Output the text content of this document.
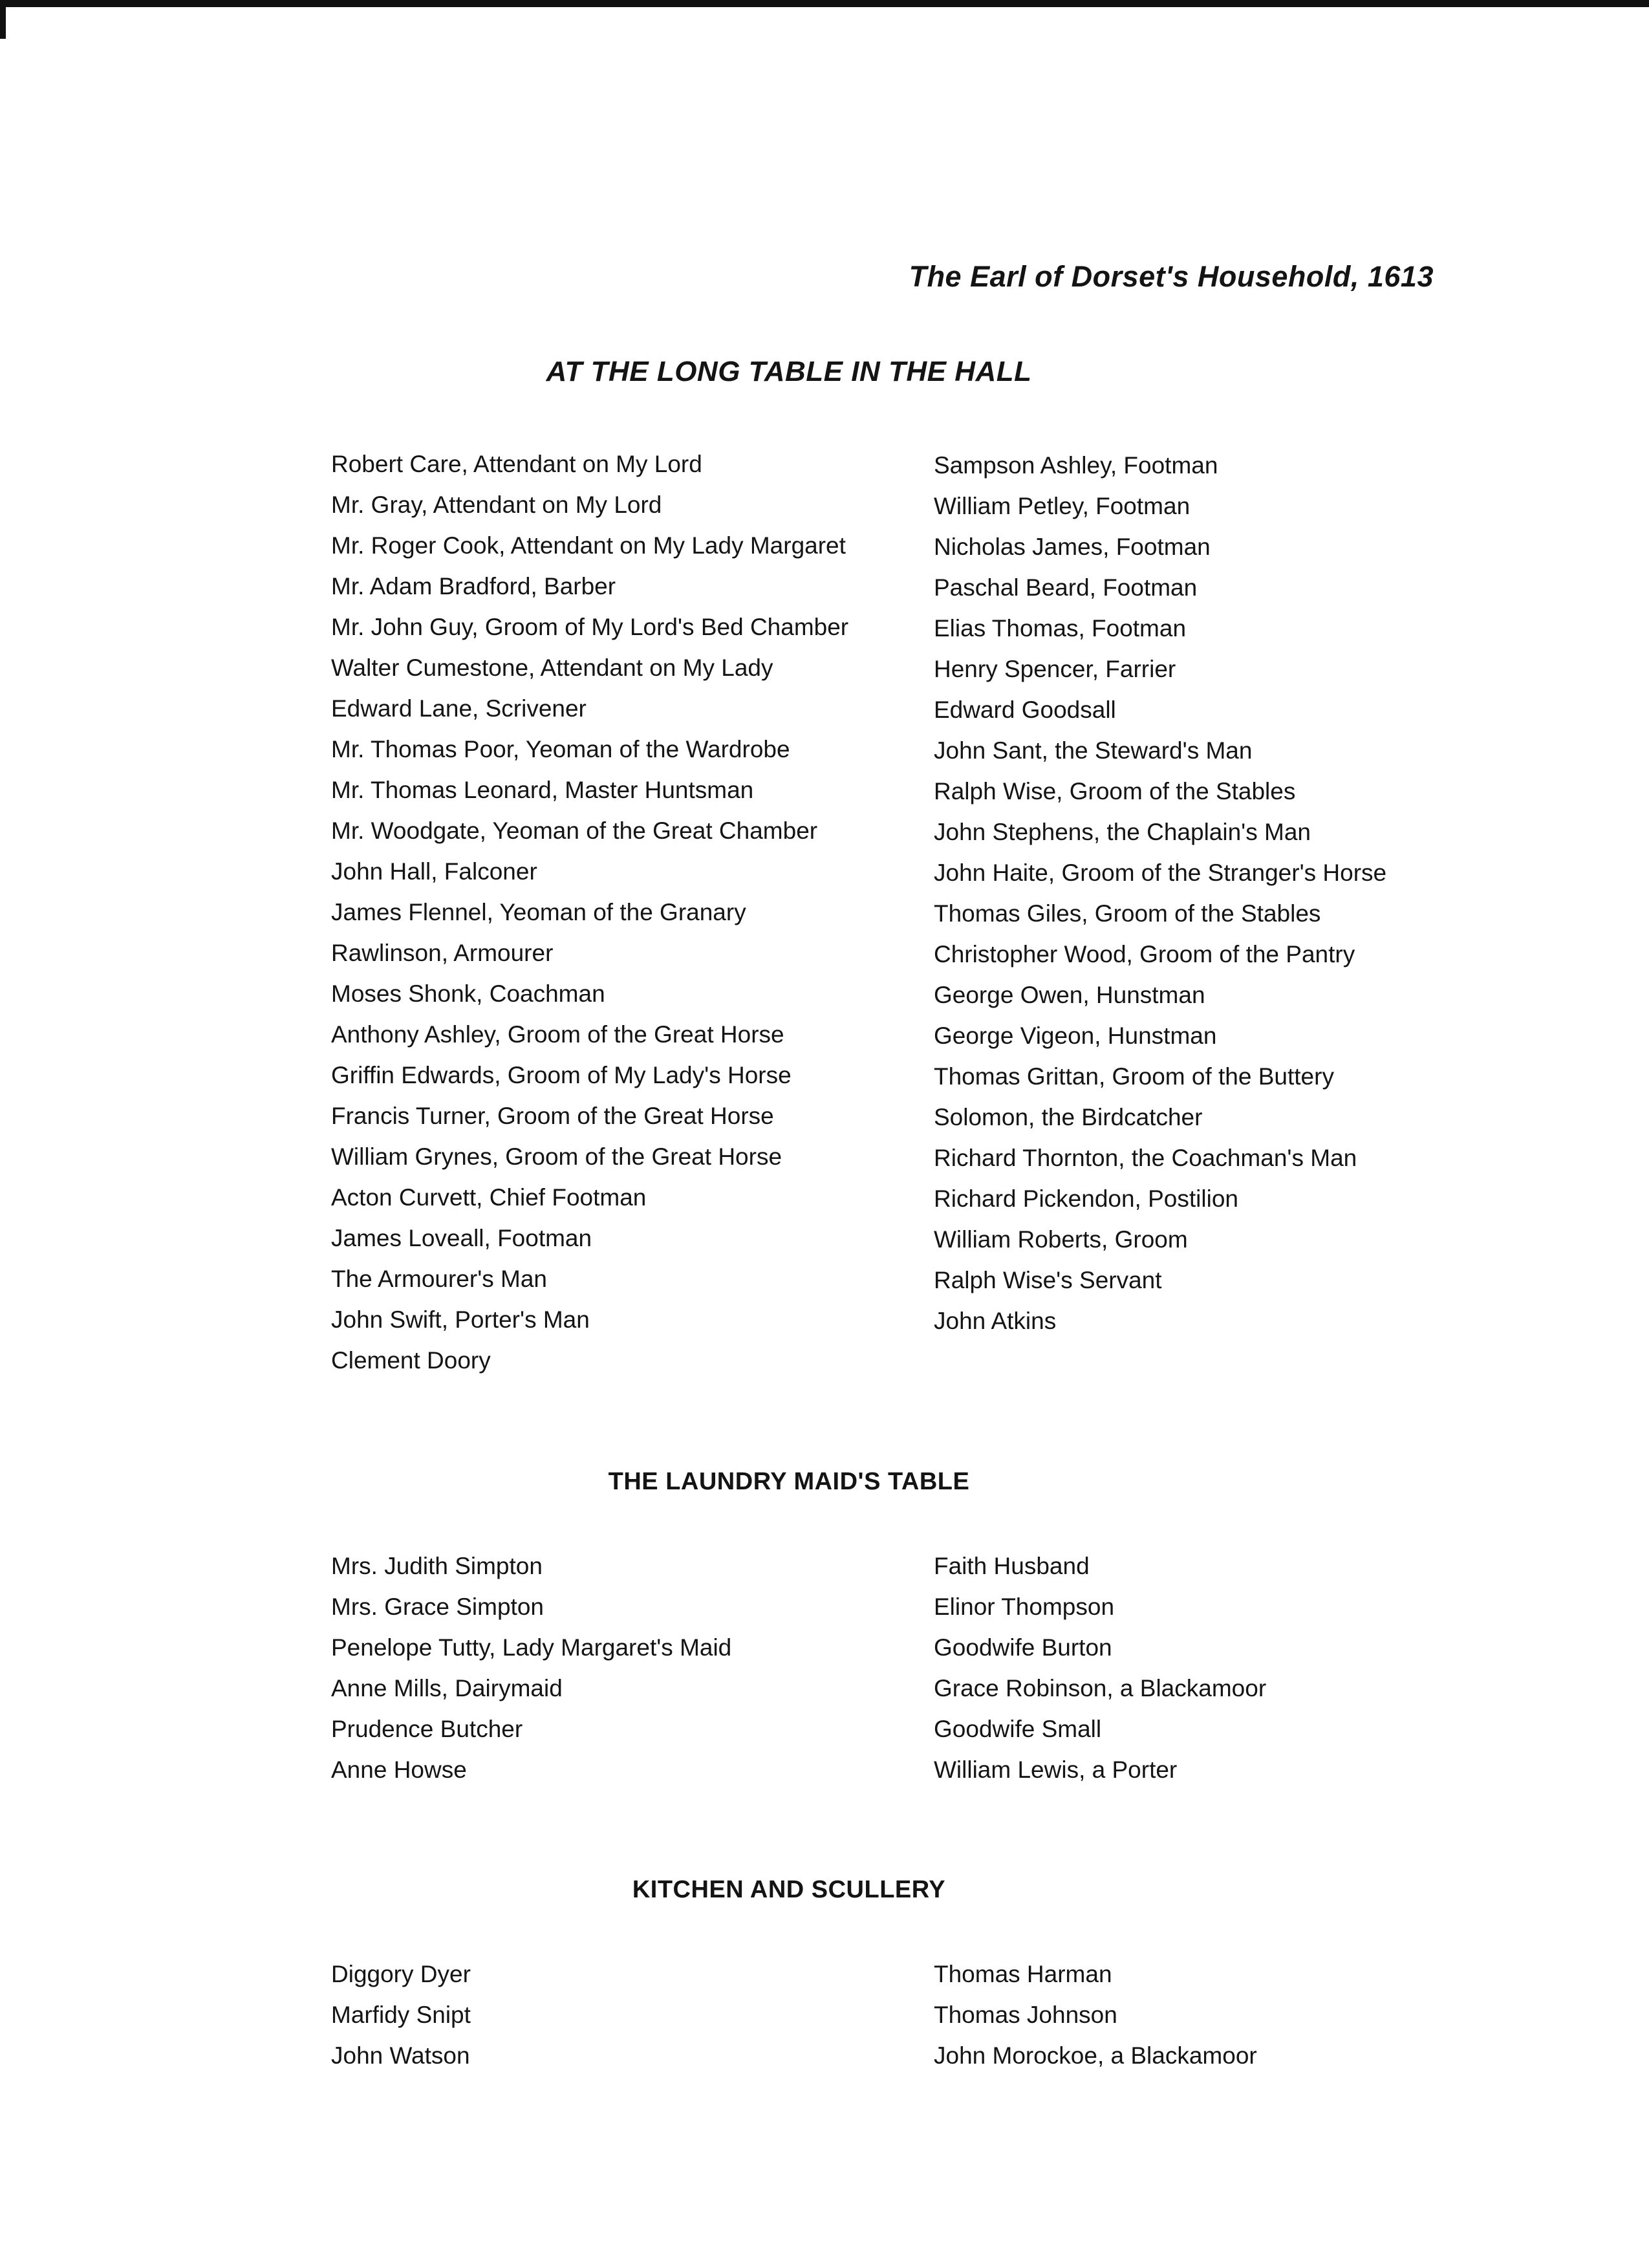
The Earl of Dorset's Household, 1613
AT THE LONG TABLE IN THE HALL
Robert Care, Attendant on My Lord
Mr. Gray, Attendant on My Lord
Mr. Roger Cook, Attendant on My Lady Margaret
Mr. Adam Bradford, Barber
Mr. John Guy, Groom of My Lord's Bed Chamber
Walter Cumestone, Attendant on My Lady
Edward Lane, Scrivener
Mr. Thomas Poor, Yeoman of the Wardrobe
Mr. Thomas Leonard, Master Huntsman
Mr. Woodgate, Yeoman of the Great Chamber
John Hall, Falconer
James Flennel, Yeoman of the Granary
Rawlinson, Armourer
Moses Shonk, Coachman
Anthony Ashley, Groom of the Great Horse
Griffin Edwards, Groom of My Lady's Horse
Francis Turner, Groom of the Great Horse
William Grynes, Groom of the Great Horse
Acton Curvett, Chief Footman
James Loveall, Footman
The Armourer's Man
John Swift, Porter's Man
Clement Doory
Sampson Ashley, Footman
William Petley, Footman
Nicholas James, Footman
Paschal Beard, Footman
Elias Thomas, Footman
Henry Spencer, Farrier
Edward Goodsall
John Sant, the Steward's Man
Ralph Wise, Groom of the Stables
John Stephens, the Chaplain's Man
John Haite, Groom of the Stranger's Horse
Thomas Giles, Groom of the Stables
Christopher Wood, Groom of the Pantry
George Owen, Hunstman
George Vigeon, Hunstman
Thomas Grittan, Groom of the Buttery
Solomon, the Birdcatcher
Richard Thornton, the Coachman's Man
Richard Pickendon, Postilion
William Roberts, Groom
Ralph Wise's Servant
John Atkins
THE LAUNDRY MAID'S TABLE
Mrs. Judith Simpton
Mrs. Grace Simpton
Penelope Tutty, Lady Margaret's Maid
Anne Mills, Dairymaid
Prudence Butcher
Anne Howse
Faith Husband
Elinor Thompson
Goodwife Burton
Grace Robinson, a Blackamoor
Goodwife Small
William Lewis, a Porter
KITCHEN AND SCULLERY
Diggory Dyer
Marfidy Snipt
John Watson
Thomas Harman
Thomas Johnson
John Morockoe, a Blackamoor
